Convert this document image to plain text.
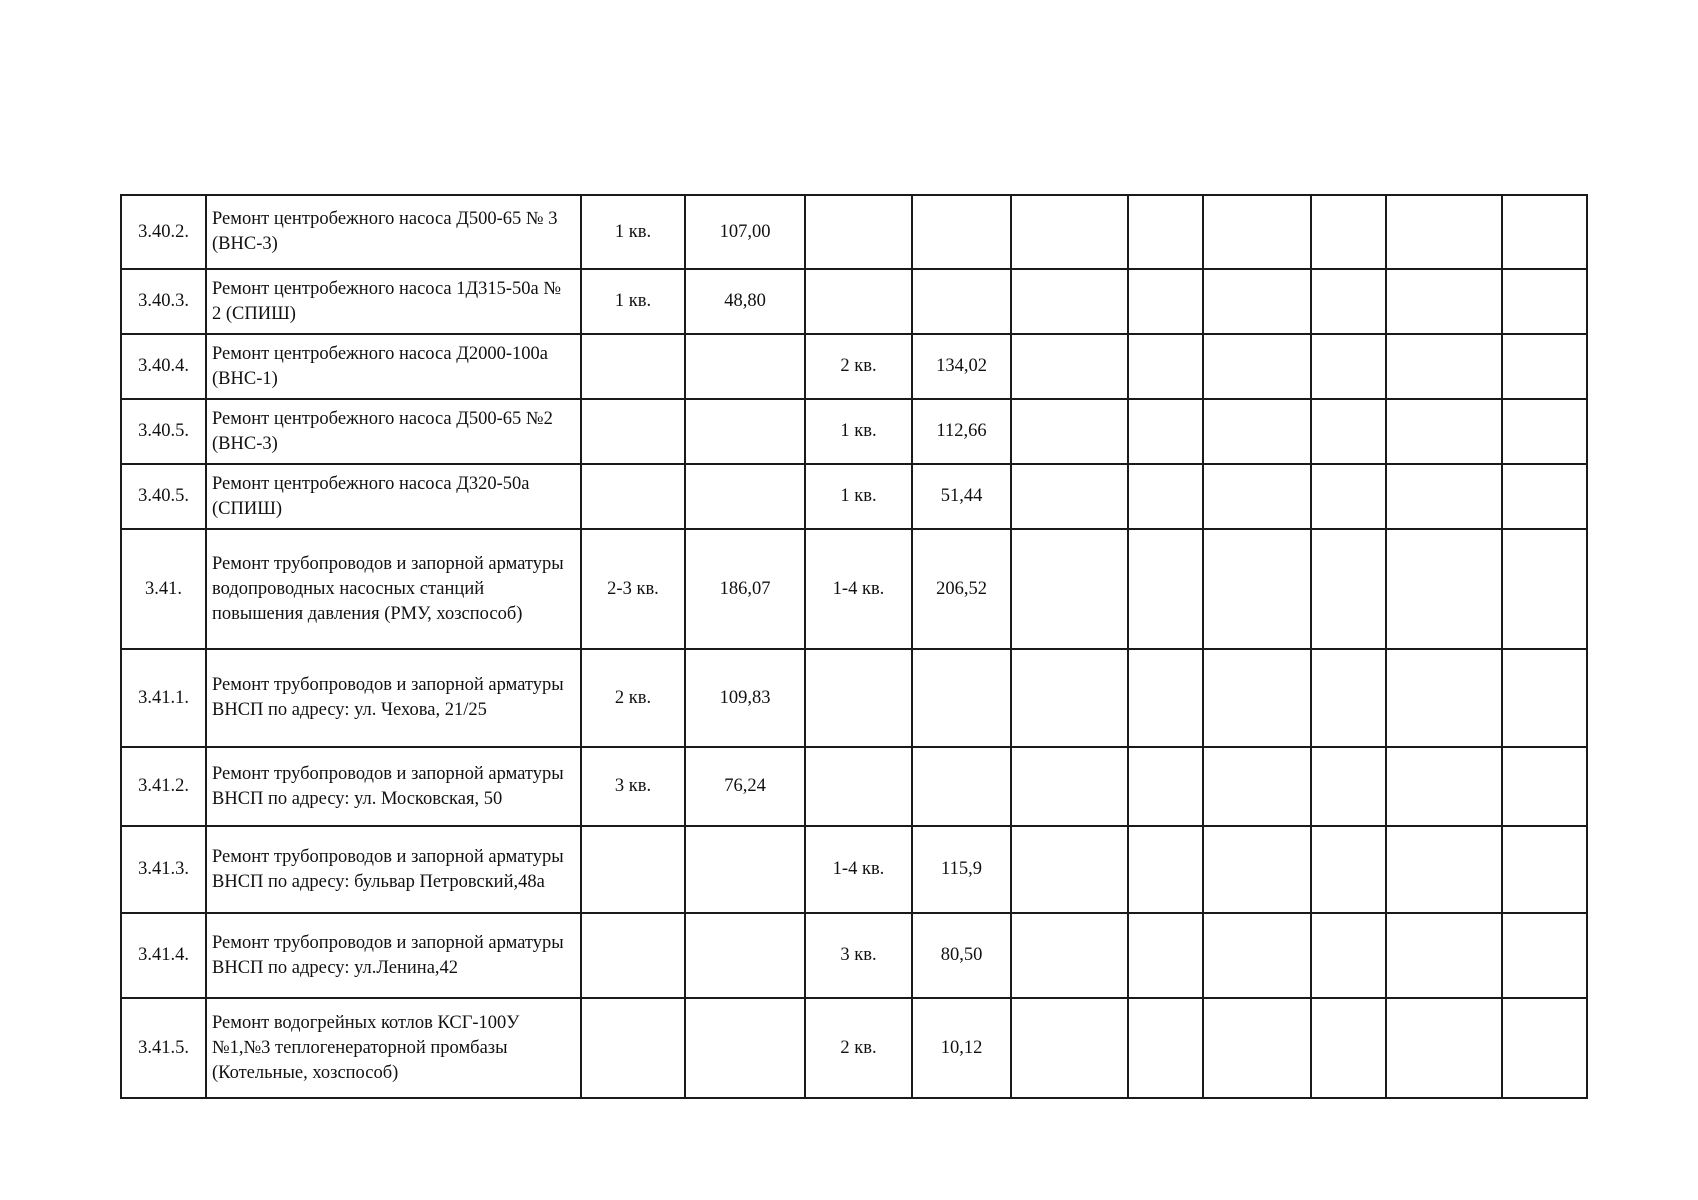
3.40.2.	Ремонт центробежного насоса Д500-65 № 3 (ВНС-3)	1 кв.	107,00								
3.40.3.	Ремонт центробежного насоса 1Д315-50а № 2 (СПИШ)	1 кв.	48,80								
3.40.4.	Ремонт центробежного насоса Д2000-100а (ВНС-1)			2 кв.	134,02						
3.40.5.	Ремонт центробежного насоса Д500-65 №2 (ВНС-3)			1 кв.	112,66						
3.40.5.	Ремонт центробежного насоса Д320-50а (СПИШ)			1 кв.	51,44						
3.41.	Ремонт трубопроводов и запорной арматуры водопроводных насосных станций повышения давления (РМУ, хозспособ)	2-3 кв.	186,07	1-4 кв.	206,52						
3.41.1.	Ремонт трубопроводов и запорной арматуры ВНСП по адресу: ул. Чехова, 21/25	2 кв.	109,83								
3.41.2.	Ремонт трубопроводов и запорной арматуры ВНСП по адресу: ул. Московская, 50	3 кв.	76,24								
3.41.3.	Ремонт трубопроводов и запорной арматуры ВНСП по адресу: бульвар Петровский,48а			1-4 кв.	115,9						
3.41.4.	Ремонт трубопроводов и запорной арматуры ВНСП по адресу: ул.Ленина,42			3 кв.	80,50						
3.41.5.	Ремонт водогрейных котлов КСГ-100У №1,№3 теплогенераторной промбазы (Котельные, хозспособ)			2 кв.	10,12						
